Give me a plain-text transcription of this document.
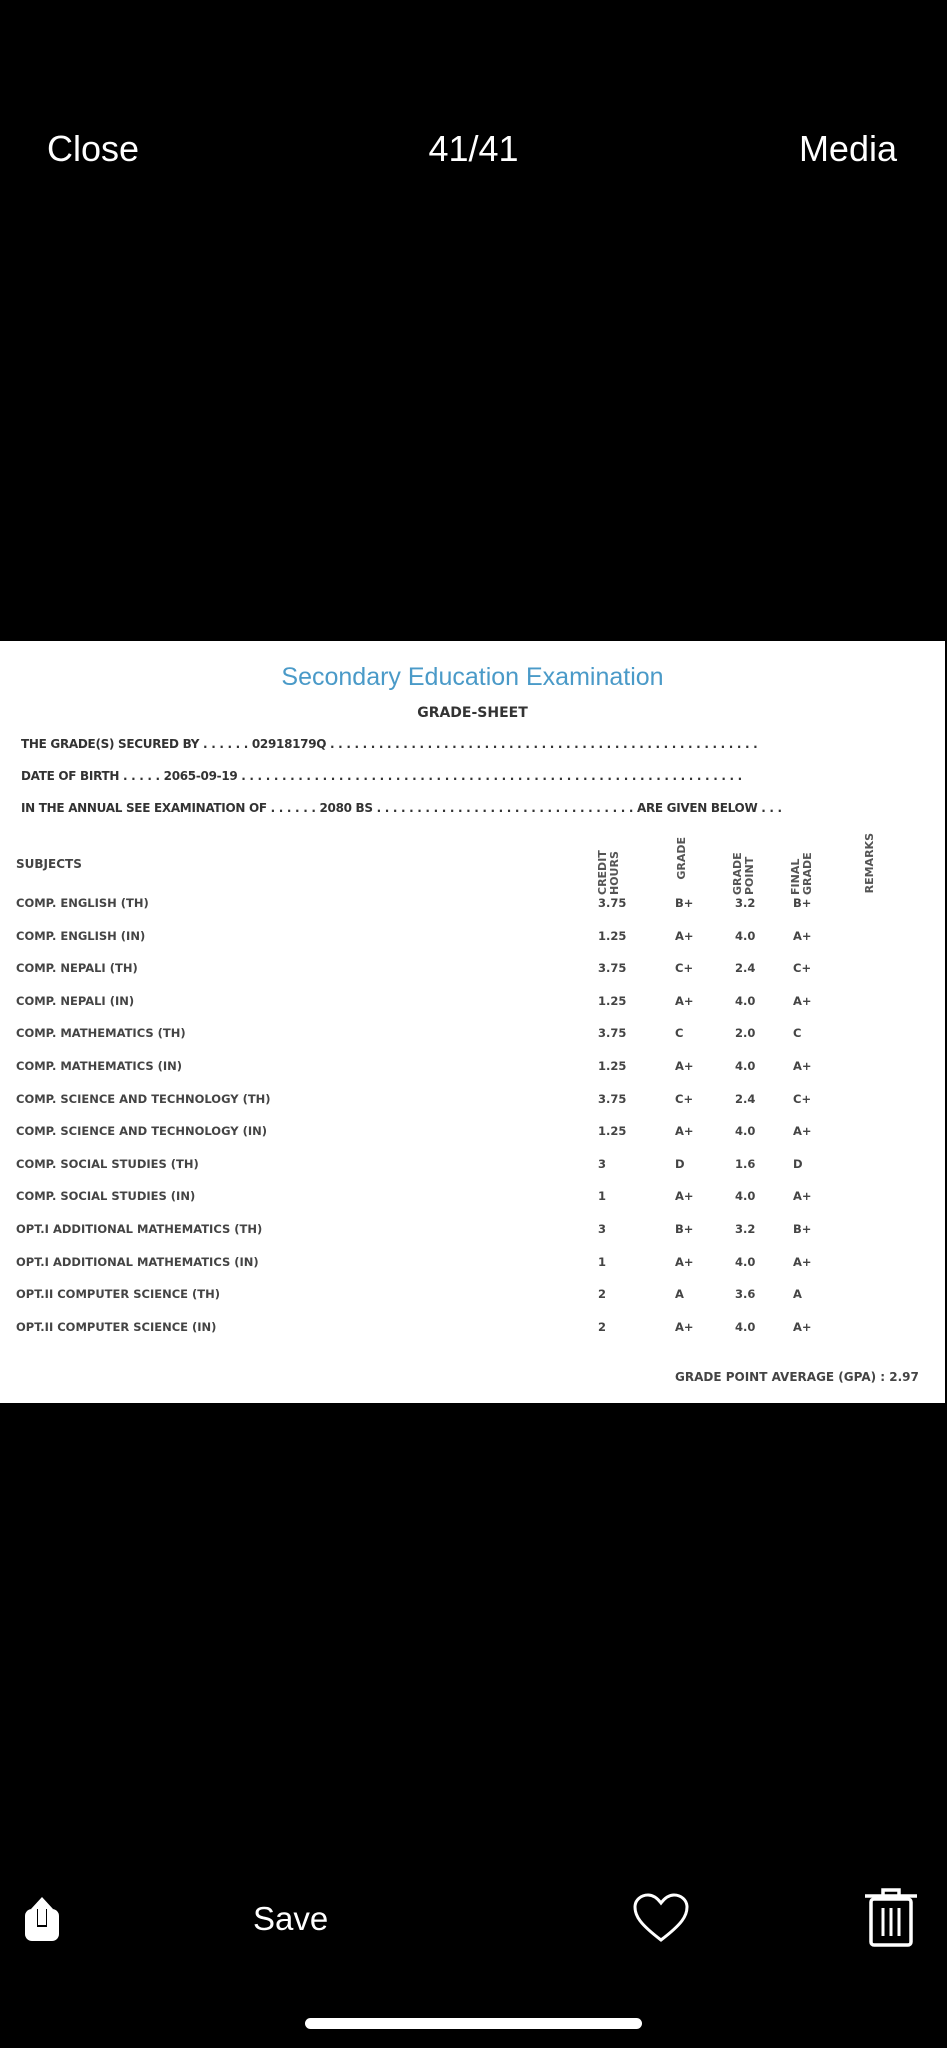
Close	41/41	Media
Secondary Education Examination
GRADE-SHEET
THE GRADE(S) SECURED BY . . . . . . 02918179Q . . . . . . . . . . . . . . . . . . . . . . . . . . . . . . . . . . . . . . . . . . . . . . . . . . . . .
DATE OF BIRTH . . . . . 2065-09-19 . . . . . . . . . . . . . . . . . . . . . . . . . . . . . . . . . . . . . . . . . . . . . . . . . . . . . . . . . . . . . .
IN THE ANNUAL SEE EXAMINATION OF . . . . . . 2080 BS . . . . . . . . . . . . . . . . . . . . . . . . . . . . . . . . ARE GIVEN BELOW . . .
SUBJECTS	CREDIT HOURS	GRADE	GRADE POINT	FINAL GRADE	REMARKS
COMP. ENGLISH (TH)	3.75	B+	3.2	B+
COMP. ENGLISH (IN)	1.25	A+	4.0	A+
COMP. NEPALI (TH)	3.75	C+	2.4	C+
COMP. NEPALI (IN)	1.25	A+	4.0	A+
COMP. MATHEMATICS (TH)	3.75	C	2.0	C
COMP. MATHEMATICS (IN)	1.25	A+	4.0	A+
COMP. SCIENCE AND TECHNOLOGY (TH)	3.75	C+	2.4	C+
COMP. SCIENCE AND TECHNOLOGY (IN)	1.25	A+	4.0	A+
COMP. SOCIAL STUDIES (TH)	3	D	1.6	D
COMP. SOCIAL STUDIES (IN)	1	A+	4.0	A+
OPT.I ADDITIONAL MATHEMATICS (TH)	3	B+	3.2	B+
OPT.I ADDITIONAL MATHEMATICS (IN)	1	A+	4.0	A+
OPT.II COMPUTER SCIENCE (TH)	2	A	3.6	A
OPT.II COMPUTER SCIENCE (IN)	2	A+	4.0	A+
GRADE POINT AVERAGE (GPA) : 2.97
Save
